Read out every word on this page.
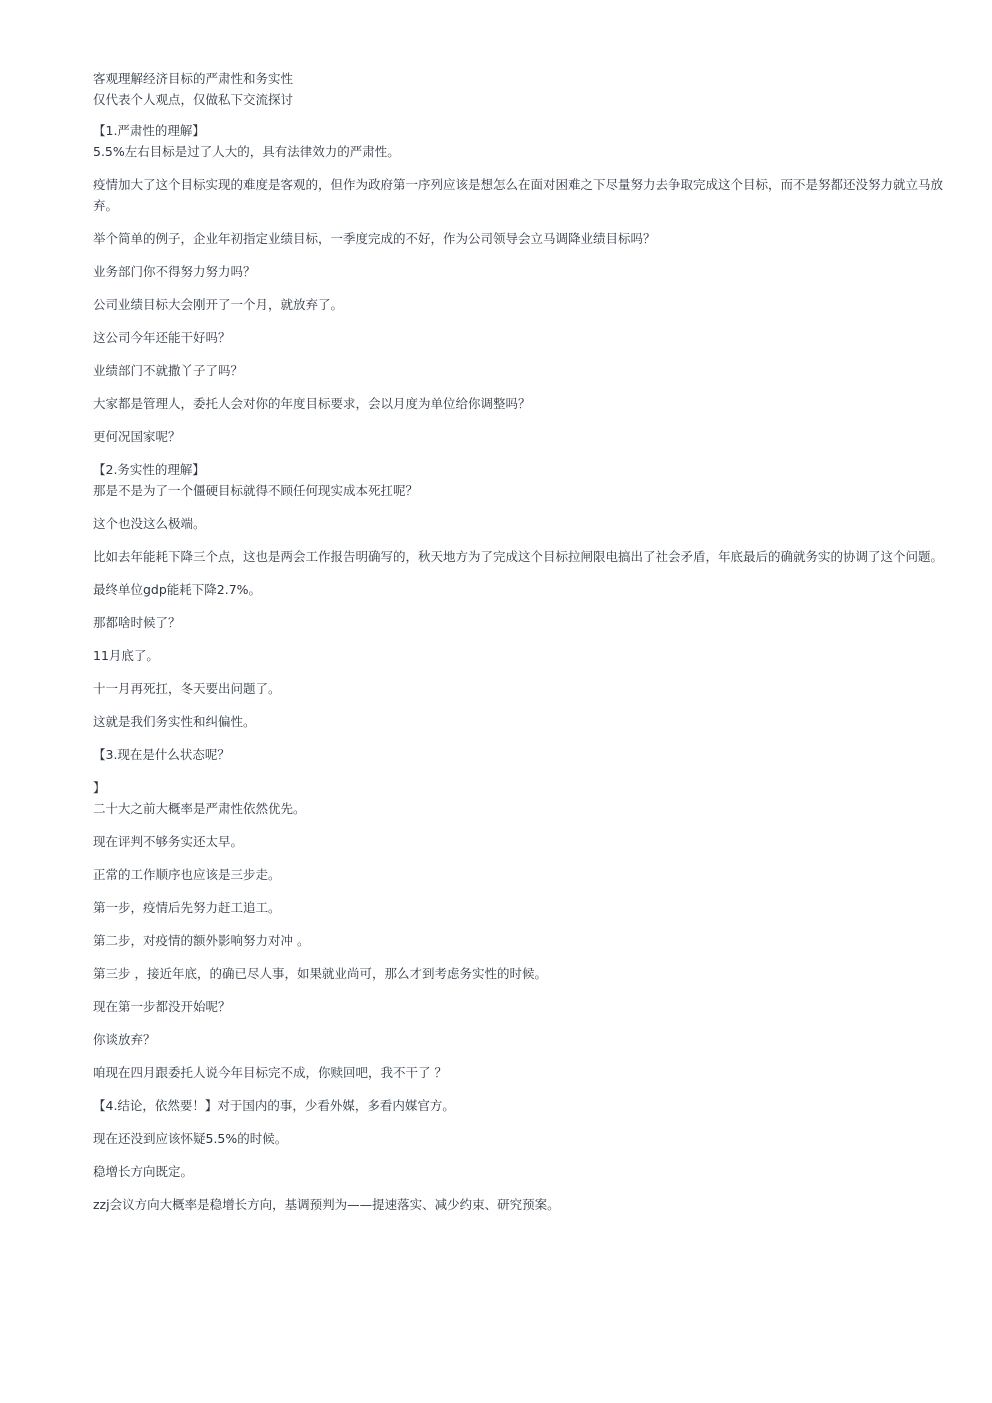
客观理解经济目标的严肃性和务实性

仅代表个人观点，仅做私下交流探讨

【1.严肃性的理解】

5.5%左右目标是过了人大的，具有法律效力的严肃性。

疫情加大了这个目标实现的难度是客观的，但作为政府第一序列应该是想怎么在面对困难之下尽量努力去争取完成这个目标，而不是努都还没努力就立马放弃。

举个简单的例子，企业年初指定业绩目标，一季度完成的不好，作为公司领导会立马调降业绩目标吗？

业务部门你不得努力努力吗？

公司业绩目标大会刚开了一个月，就放弃了。

这公司今年还能干好吗？

业绩部门不就撒丫子了吗？

大家都是管理人，委托人会对你的年度目标要求，会以月度为单位给你调整吗？

更何况国家呢？

【2.务实性的理解】

那是不是为了一个僵硬目标就得不顾任何现实成本死扛呢？

这个也没这么极端。

比如去年能耗下降三个点，这也是两会工作报告明确写的，秋天地方为了完成这个目标拉闸限电搞出了社会矛盾，年底最后的确就务实的协调了这个问题。

最终单位gdp能耗下降2.7%。

那都啥时候了？

11月底了。

十一月再死扛，冬天要出问题了。

这就是我们务实性和纠偏性。

【3.现在是什么状态呢？

】

二十大之前大概率是严肃性依然优先。

现在评判不够务实还太早。

正常的工作顺序也应该是三步走。

第一步，疫情后先努力赶工追工。

第二步，对疫情的额外影响努力对冲 。

第三步 ，接近年底，的确已尽人事，如果就业尚可，那么才到考虑务实性的时候。

现在第一步都没开始呢？

你谈放弃？

咱现在四月跟委托人说今年目标完不成，你赎回吧，我不干了 ？

【4.结论，依然要！】对于国内的事，少看外媒，多看内媒官方。

现在还没到应该怀疑5.5%的时候。

稳增长方向既定。

zzj会议方向大概率是稳增长方向，基调预判为——提速落实、减少约束、研究预案。
